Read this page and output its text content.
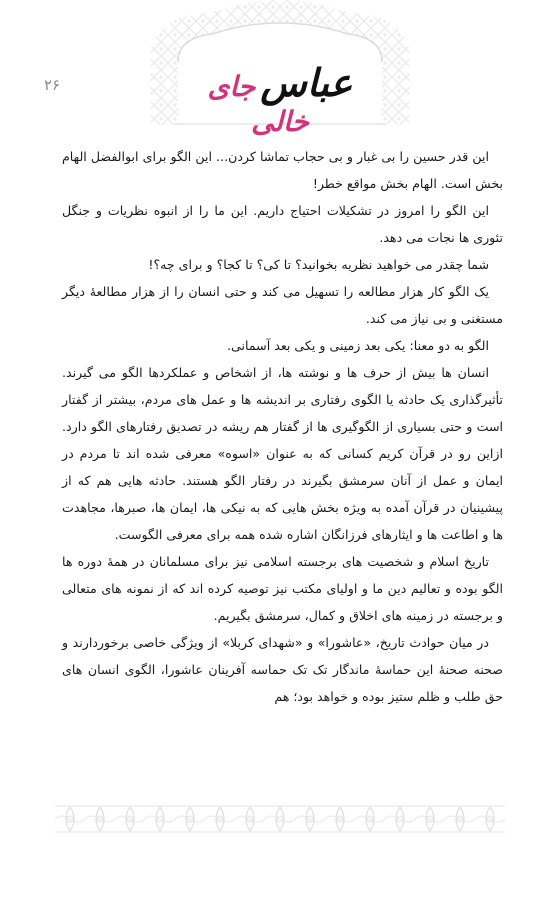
۲۶	عباس جای خالی

این قدر حسین را بی غبار و بی حجاب تماشا کردن... این الگو برای ابوالفضل الهام بخش است. الهام بخش مواقع خطر!

این الگو را امروز در تشکیلات احتیاج داریم. این ما را از انبوه نظریات و جنگل تئوری ها نجات می دهد.

شما چقدر می خواهید نظریه بخوانید؟ تا کی؟ تا کجا؟ و برای چه؟!

یک الگو کار هزار مطالعه را تسهیل می کند و حتی انسان را از هزار مطالعهٔ دیگر مستغنی و بی نیاز می کند.

الگو به دو معنا: یکی بعد زمینی و یکی بعد آسمانی.

انسان ها بیش از حرف ها و نوشته ها، از اشخاص و عملکردها الگو می گیرند. تأثیرگذاری یک حادثه یا الگوی رفتاری بر اندیشه ها و عمل های مردم، بیشتر از گفتار است و حتی بسیاری از الگوگیری ها از گفتار هم ریشه در تصدیق رفتارهای الگو دارد. ازاین رو در قرآن کریم کسانی که به عنوان «اسوه» معرفی شده اند تا مردم در ایمان و عمل از آنان سرمشق بگیرند در رفتار الگو هستند. حادثه هایی هم که از پیشینیان در قرآن آمده به ویژه بخش هایی که به نیکی ها، ایمان ها، صبرها، مجاهدت ها و اطاعت ها و ایثارهای فرزانگان اشاره شده همه برای معرفی الگوست.

تاریخ اسلام و شخصیت های برجسته اسلامی نیز برای مسلمانان در همهٔ دوره ها الگو بوده و تعالیم دین ما و اولیای مکتب نیز توصیه کرده اند که از نمونه های متعالی و برجسته در زمینه های اخلاق و کمال، سرمشق بگیریم.

در میان حوادث تاریخ، «عاشورا» و «شهدای کربلا» از ویژگی خاصی برخوردارند و صحنه صحنهٔ این حماسهٔ ماندگار تک تک حماسه آفرینان عاشورا، الگوی انسان های حق طلب و ظلم ستیز بوده و خواهد بود؛ هم
